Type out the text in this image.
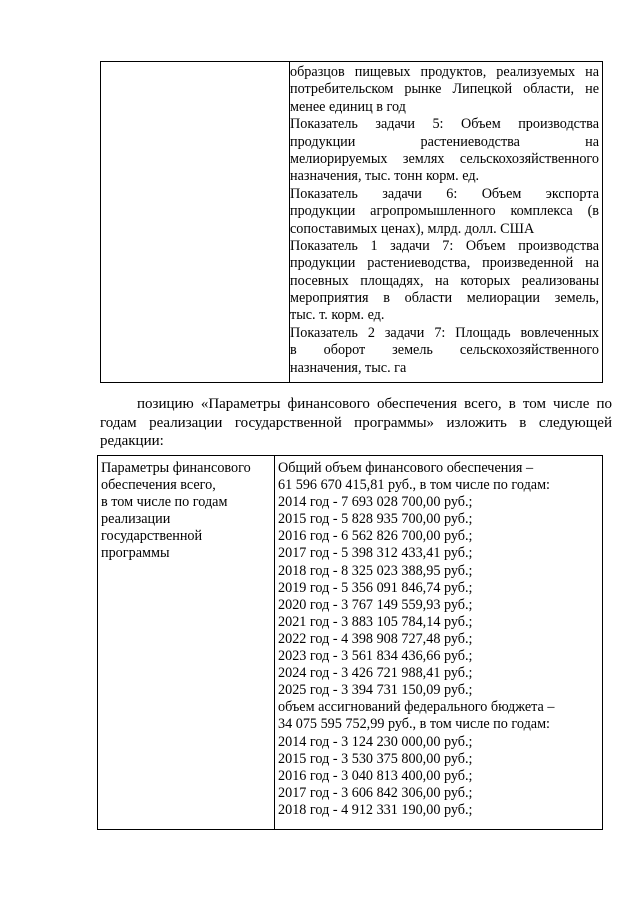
образцов пищевых продуктов, реализуемых на
потребительском рынке Липецкой области, не
менее единиц в год
Показатель задачи 5: Объем производства
продукции растениеводства на
мелиорируемых землях сельскохозяйственного
назначения, тыс. тонн корм. ед.
Показатель задачи 6: Объем экспорта
продукции агропромышленного комплекса (в
сопоставимых ценах), млрд. долл. США
Показатель 1 задачи 7: Объем производства
продукции растениеводства, произведенной на
посевных площадях, на которых реализованы
мероприятия в области мелиорации земель,
тыс. т. корм. ед.
Показатель 2 задачи 7: Площадь вовлеченных
в оборот земель сельскохозяйственного
назначения, тыс. га
позицию «Параметры финансового обеспечения всего, в том числе по
годам реализации государственной программы» изложить в следующей
редакции:
Параметры финансового
обеспечения всего,
в том числе по годам
реализации
государственной
программы
Общий объем финансового обеспечения –
61 596 670 415,81 руб., в том числе по годам:
2014 год - 7 693 028 700,00 руб.;
2015 год - 5 828 935 700,00 руб.;
2016 год - 6 562 826 700,00 руб.;
2017 год - 5 398 312 433,41 руб.;
2018 год - 8 325 023 388,95 руб.;
2019 год - 5 356 091 846,74 руб.;
2020 год - 3 767 149 559,93 руб.;
2021 год - 3 883 105 784,14 руб.;
2022 год - 4 398 908 727,48 руб.;
2023 год - 3 561 834 436,66 руб.;
2024 год - 3 426 721 988,41 руб.;
2025 год - 3 394 731 150,09 руб.;
объем ассигнований федерального бюджета –
34 075 595 752,99 руб., в том числе по годам:
2014 год - 3 124 230 000,00 руб.;
2015 год - 3 530 375 800,00 руб.;
2016 год - 3 040 813 400,00 руб.;
2017 год - 3 606 842 306,00 руб.;
2018 год - 4 912 331 190,00 руб.;
